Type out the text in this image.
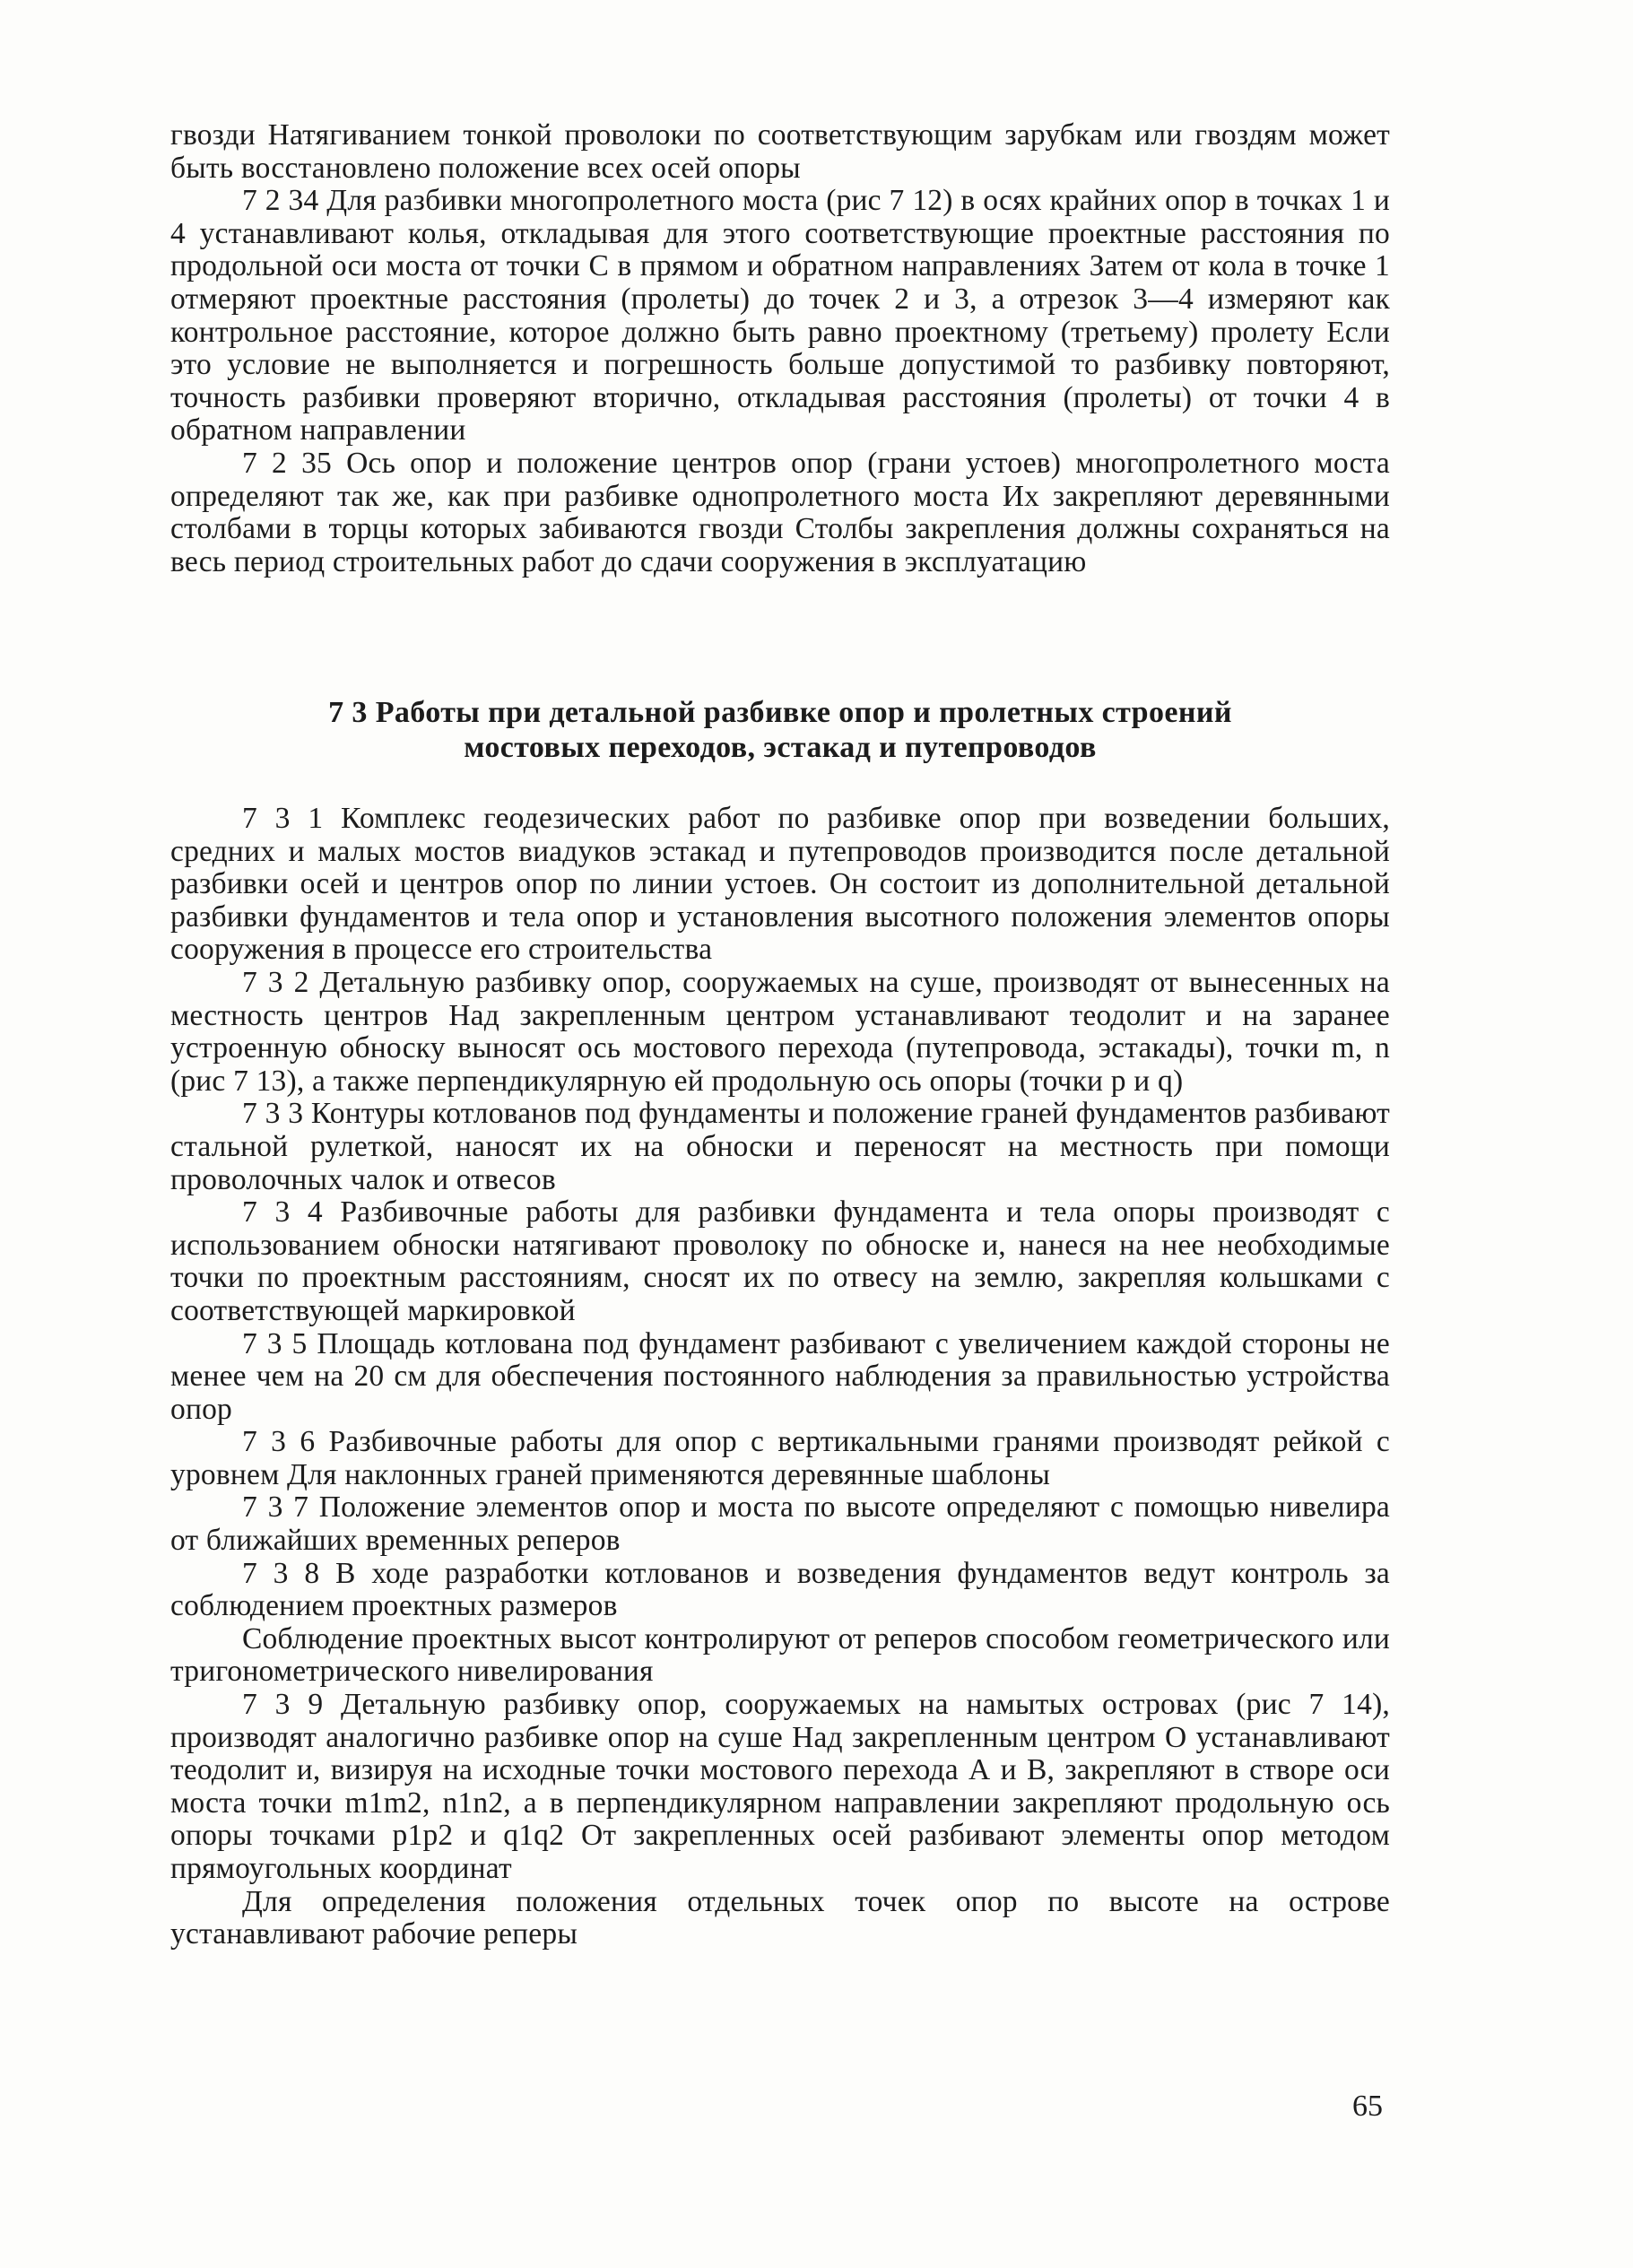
гвозди Натягиванием тонкой проволоки по соответствующим зарубкам или гвоздям может быть восстановлено положение всех осей опоры

7 2 34 Для разбивки многопролетного моста (рис 7 12) в осях крайних опор в точках 1 и 4 устанавливают колья, откладывая для этого соответствующие проектные расстояния по продольной оси моста от точки С в прямом и обратном направлениях Затем от кола в точке 1 отмеряют проектные расстояния (пролеты) до точек 2 и 3, а отрезок 3—4 измеряют как контрольное расстояние, которое должно быть равно проектному (третьему) пролету Если это условие не выполняется и погрешность больше допустимой то разбивку повторяют, точность разбивки проверяют вторично, откладывая расстояния (пролеты) от точки 4 в обратном направлении

7 2 35 Ось опор и положение центров опор (грани устоев) многопролетного моста определяют так же, как при разбивке однопролетного моста Их закрепляют деревянными столбами в торцы которых забиваются гвозди Столбы закрепления должны сохраняться на весь период строительных работ до сдачи сооружения в эксплуатацию

7 3 Работы при детальной разбивке опор и пролетных строений
мостовых переходов, эстакад и путепроводов

7 3 1 Комплекс геодезических работ по разбивке опор при возведении больших, средних и малых мостов виадуков эстакад и путепроводов производится после детальной разбивки осей и центров опор по линии устоев. Он состоит из дополнительной детальной разбивки фундаментов и тела опор и установления высотного положения элементов опоры сооружения в процессе его строительства

7 3 2 Детальную разбивку опор, сооружаемых на суше, производят от вынесенных на местность центров Над закрепленным центром устанавливают теодолит и на заранее устроенную обноску выносят ось мостового перехода (путепровода, эстакады), точки m, n (рис 7 13), а также перпендикулярную ей продольную ось опоры (точки p и q)

7 3 3 Контуры котлованов под фундаменты и положение граней фундаментов разбивают стальной рулеткой, наносят их на обноски и переносят на местность при помощи проволочных чалок и отвесов

7 3 4 Разбивочные работы для разбивки фундамента и тела опоры производят с использованием обноски натягивают проволоку по обноске и, нанеся на нее необходимые точки по проектным расстояниям, сносят их по отвесу на землю, закрепляя кольшками с соответствующей маркировкой

7 3 5 Площадь котлована под фундамент разбивают с увеличением каждой стороны не менее чем на 20 см для обеспечения постоянного наблюдения за правильностью устройства опор

7 3 6 Разбивочные работы для опор с вертикальными гранями производят рейкой с уровнем Для наклонных граней применяются деревянные шаблоны

7 3 7 Положение элементов опор и моста по высоте определяют с помощью нивелира от ближайших временных реперов

7 3 8 В ходе разработки котлованов и возведения фундаментов ведут контроль за соблюдением проектных размеров

Соблюдение проектных высот контролируют от реперов способом геометрического или тригонометрического нивелирования

7 3 9 Детальную разбивку опор, сооружаемых на намытых островах (рис 7 14), производят аналогично разбивке опор на суше Над закрепленным центром О устанавливают теодолит и, визируя на исходные точки мостового перехода А и В, закрепляют в створе оси моста точки m1m2, n1n2, а в перпендикулярном направлении закрепляют продольную ось опоры точками p1p2 и q1q2 От закрепленных осей разбивают элементы опор методом прямоугольных координат

Для определения положения отдельных точек опор по высоте на острове устанавливают рабочие реперы

65
